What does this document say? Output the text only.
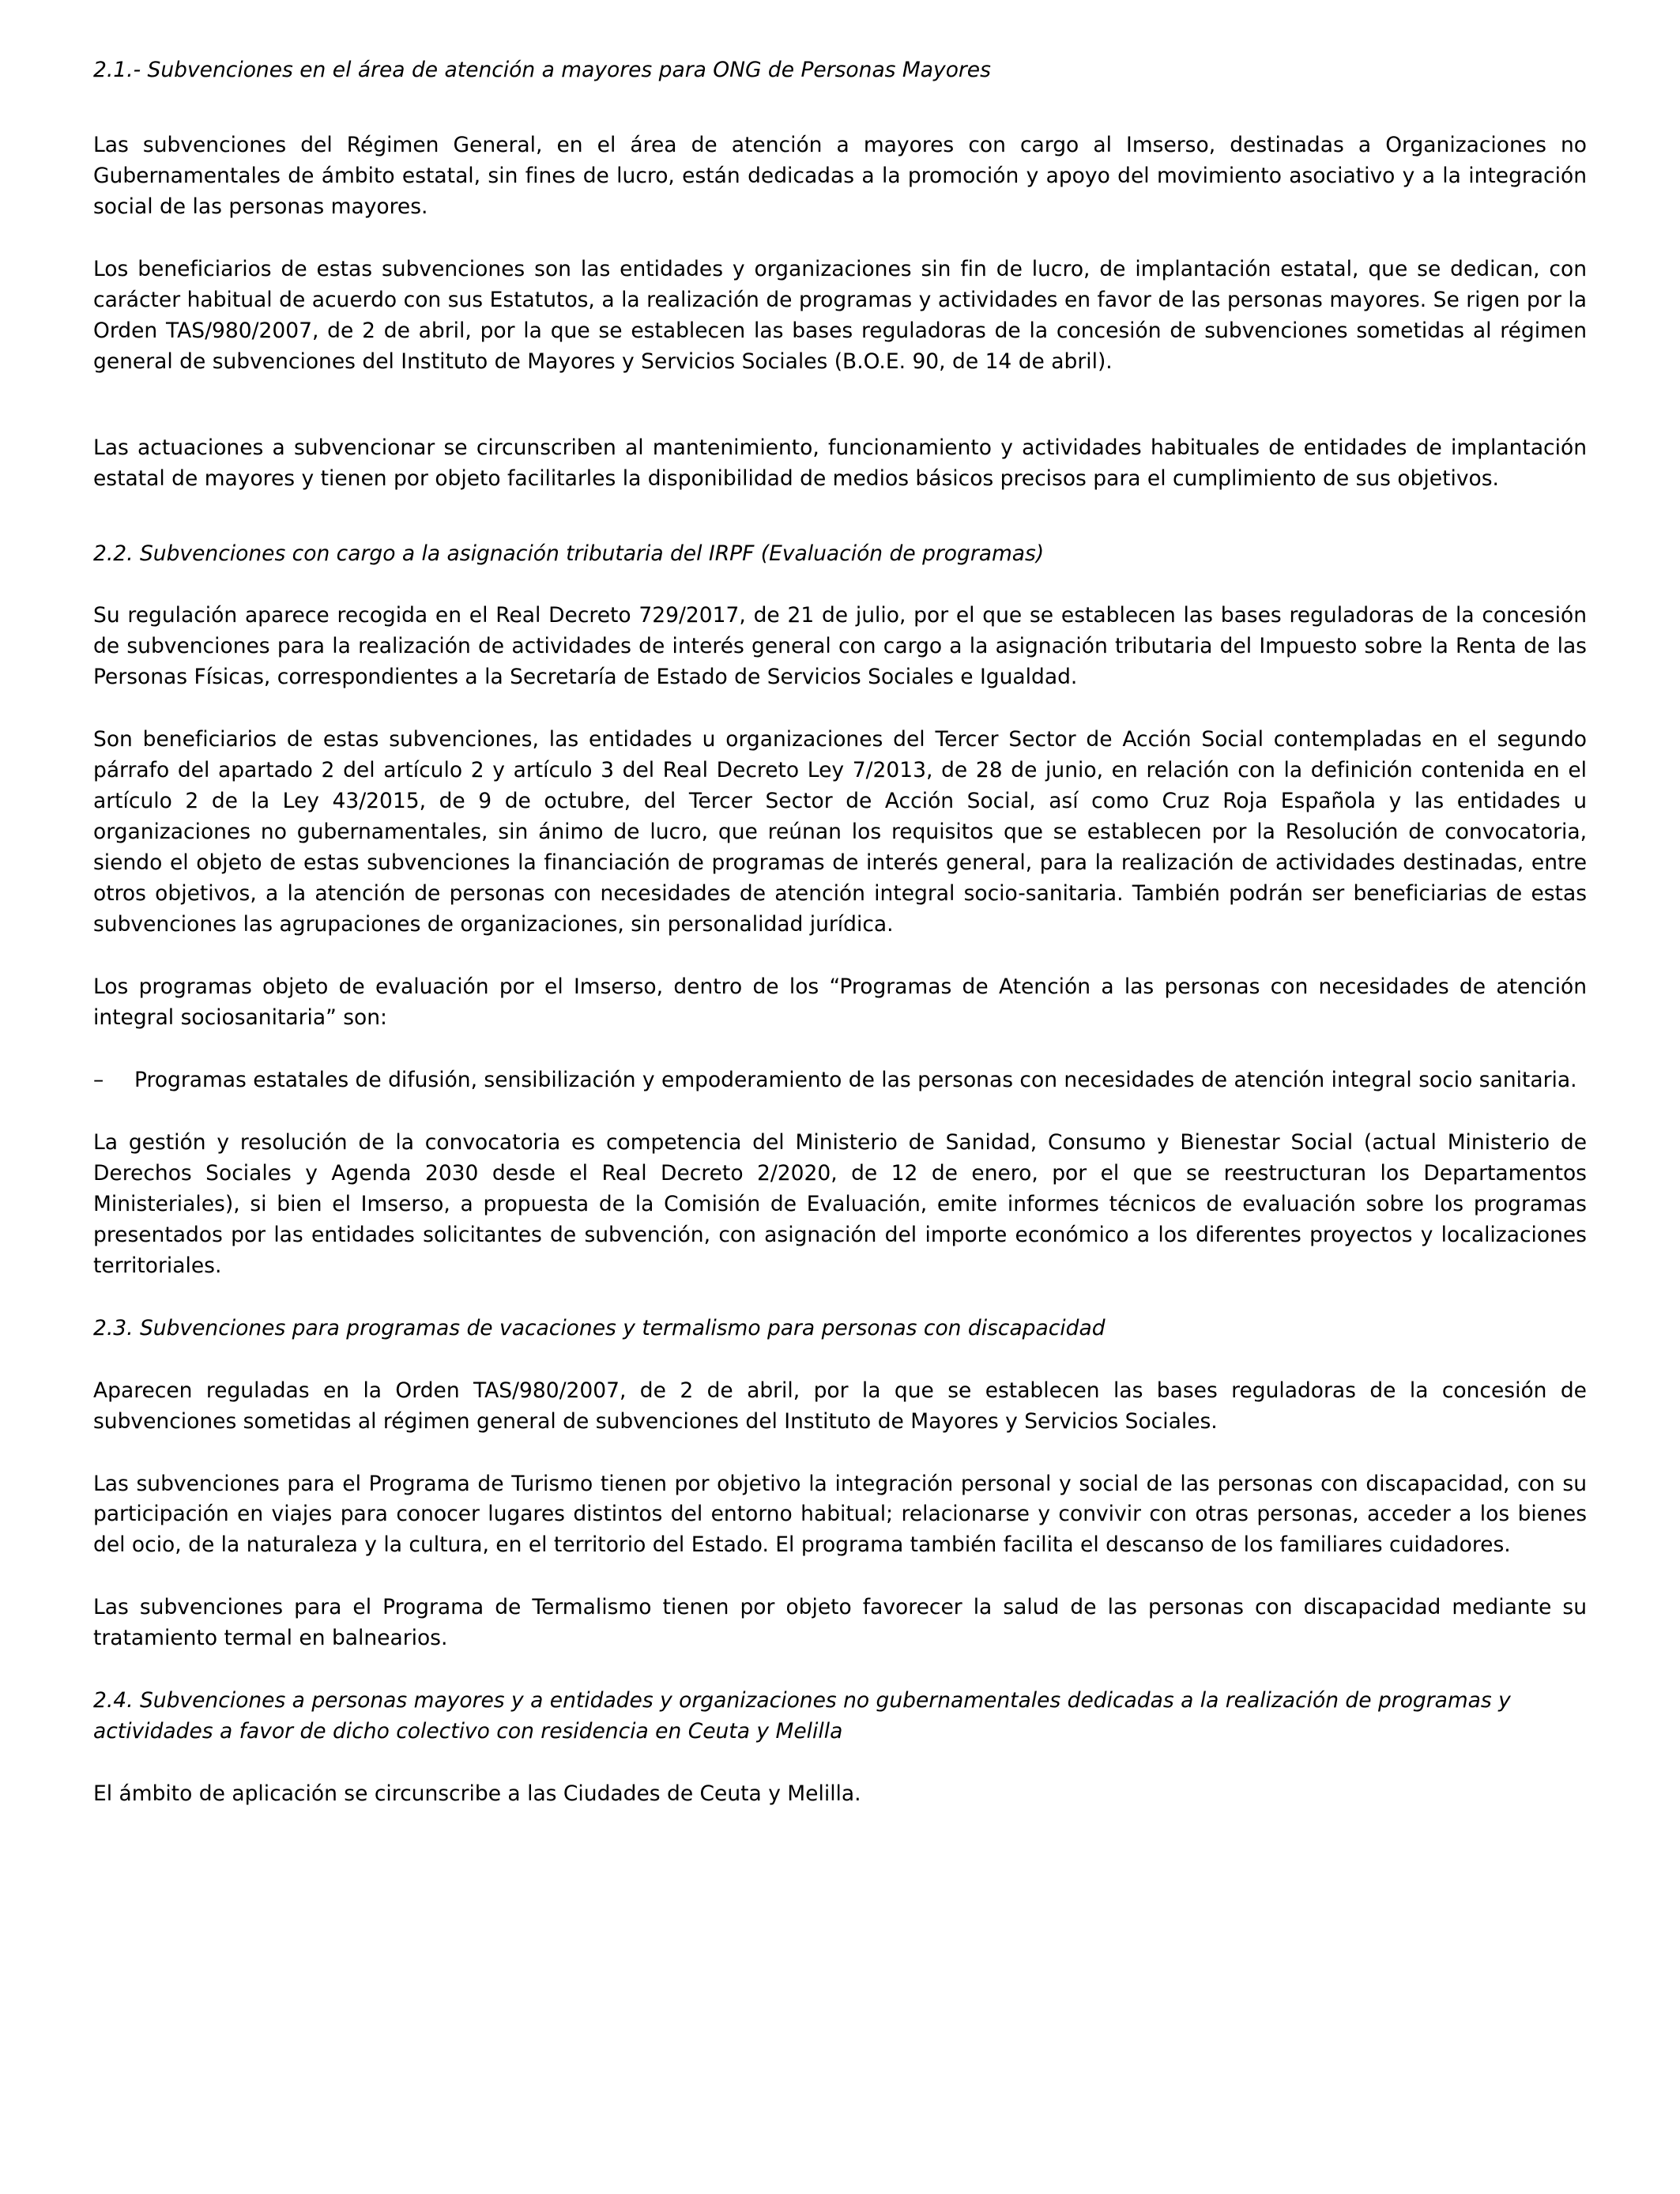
2.1.- Subvenciones en el área de atención a mayores para ONG de Personas Mayores

Las subvenciones del Régimen General, en el área de atención a mayores con cargo al Imserso, destinadas a Organizaciones no Gubernamentales de ámbito estatal, sin fines de lucro, están dedicadas a la promoción y apoyo del movimiento asociativo y a la integración social de las personas mayores.

Los beneficiarios de estas subvenciones son las entidades y organizaciones sin fin de lucro, de implantación estatal, que se dedican, con carácter habitual de acuerdo con sus Estatutos, a la realización de programas y actividades en favor de las personas mayores. Se rigen por la Orden TAS/980/2007, de 2 de abril, por la que se establecen las bases reguladoras de la concesión de subvenciones sometidas al régimen general de subvenciones del Instituto de Mayores y Servicios Sociales (B.O.E. 90, de 14 de abril).

Las actuaciones a subvencionar se circunscriben al mantenimiento, funcionamiento y actividades habituales de entidades de implantación estatal de mayores y tienen por objeto facilitarles la disponibilidad de medios básicos precisos para el cumplimiento de sus objetivos.

2.2. Subvenciones con cargo a la asignación tributaria del IRPF (Evaluación de programas)

Su regulación aparece recogida en el Real Decreto 729/2017, de 21 de julio, por el que se establecen las bases reguladoras de la concesión de subvenciones para la realización de actividades de interés general con cargo a la asignación tributaria del Impuesto sobre la Renta de las Personas Físicas, correspondientes a la Secretaría de Estado de Servicios Sociales e Igualdad.

Son beneficiarios de estas subvenciones, las entidades u organizaciones del Tercer Sector de Acción Social contempladas en el segundo párrafo del apartado 2 del artículo 2 y artículo 3 del Real Decreto Ley 7/2013, de 28 de junio, en relación con la definición contenida en el artículo 2 de la Ley 43/2015, de 9 de octubre, del Tercer Sector de Acción Social, así como Cruz Roja Española y las entidades u organizaciones no gubernamentales, sin ánimo de lucro, que reúnan los requisitos que se establecen por la Resolución de convocatoria, siendo el objeto de estas subvenciones la financiación de programas de interés general, para la realización de actividades destinadas, entre otros objetivos, a la atención de personas con necesidades de atención integral socio-sanitaria. También podrán ser beneficiarias de estas subvenciones las agrupaciones de organizaciones, sin personalidad jurídica.

Los programas objeto de evaluación por el Imserso, dentro de los “Programas de Atención a las personas con necesidades de atención integral sociosanitaria” son:

–	Programas estatales de difusión, sensibilización y empoderamiento de las personas con necesidades de atención integral socio sanitaria.

La gestión y resolución de la convocatoria es competencia del Ministerio de Sanidad, Consumo y Bienestar Social (actual Ministerio de Derechos Sociales y Agenda 2030 desde el Real Decreto 2/2020, de 12 de enero, por el que se reestructuran los Departamentos Ministeriales), si bien el Imserso, a propuesta de la Comisión de Evaluación, emite informes técnicos de evaluación sobre los programas presentados por las entidades solicitantes de subvención, con asignación del importe económico a los diferentes proyectos y localizaciones territoriales.

2.3. Subvenciones para programas de vacaciones y termalismo para personas con discapacidad

Aparecen reguladas en la Orden TAS/980/2007, de 2 de abril, por la que se establecen las bases reguladoras de la concesión de subvenciones sometidas al régimen general de subvenciones del Instituto de Mayores y Servicios Sociales.

Las subvenciones para el Programa de Turismo tienen por objetivo la integración personal y social de las personas con discapacidad, con su participación en viajes para conocer lugares distintos del entorno habitual; relacionarse y convivir con otras personas, acceder a los bienes del ocio, de la naturaleza y la cultura, en el territorio del Estado. El programa también facilita el descanso de los familiares cuidadores.

Las subvenciones para el Programa de Termalismo tienen por objeto favorecer la salud de las personas con discapacidad mediante su tratamiento termal en balnearios.

2.4. Subvenciones a personas mayores y a entidades y organizaciones no gubernamentales dedicadas a la realización de programas y actividades a favor de dicho colectivo con residencia en Ceuta y Melilla

El ámbito de aplicación se circunscribe a las Ciudades de Ceuta y Melilla.
